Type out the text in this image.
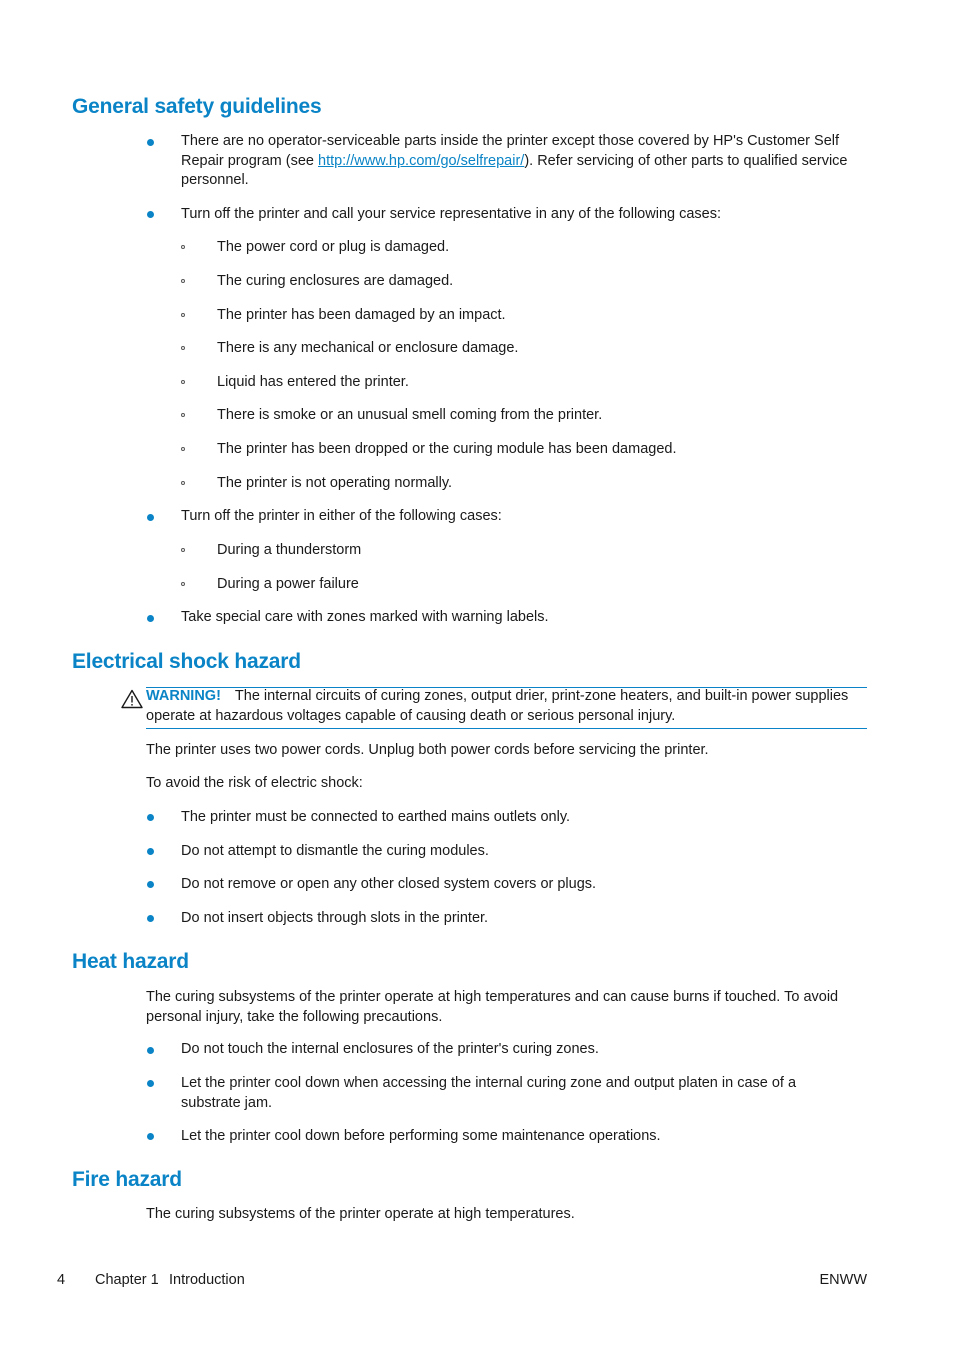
General safety guidelines

There are no operator-serviceable parts inside the printer except those covered by HP's Customer Self Repair program (see http://www.hp.com/go/selfrepair/). Refer servicing of other parts to qualified service personnel.

Turn off the printer and call your service representative in any of the following cases:

The power cord or plug is damaged.

The curing enclosures are damaged.

The printer has been damaged by an impact.

There is any mechanical or enclosure damage.

Liquid has entered the printer.

There is smoke or an unusual smell coming from the printer.

The printer has been dropped or the curing module has been damaged.

The printer is not operating normally.

Turn off the printer in either of the following cases:

During a thunderstorm

During a power failure

Take special care with zones marked with warning labels.

Electrical shock hazard

WARNING! The internal circuits of curing zones, output drier, print-zone heaters, and built-in power supplies operate at hazardous voltages capable of causing death or serious personal injury.

The printer uses two power cords. Unplug both power cords before servicing the printer.

To avoid the risk of electric shock:

The printer must be connected to earthed mains outlets only.

Do not attempt to dismantle the curing modules.

Do not remove or open any other closed system covers or plugs.

Do not insert objects through slots in the printer.

Heat hazard

The curing subsystems of the printer operate at high temperatures and can cause burns if touched. To avoid personal injury, take the following precautions.

Do not touch the internal enclosures of the printer's curing zones.

Let the printer cool down when accessing the internal curing zone and output platen in case of a substrate jam.

Let the printer cool down before performing some maintenance operations.

Fire hazard

The curing subsystems of the printer operate at high temperatures.

4 Chapter 1 Introduction	ENWW
